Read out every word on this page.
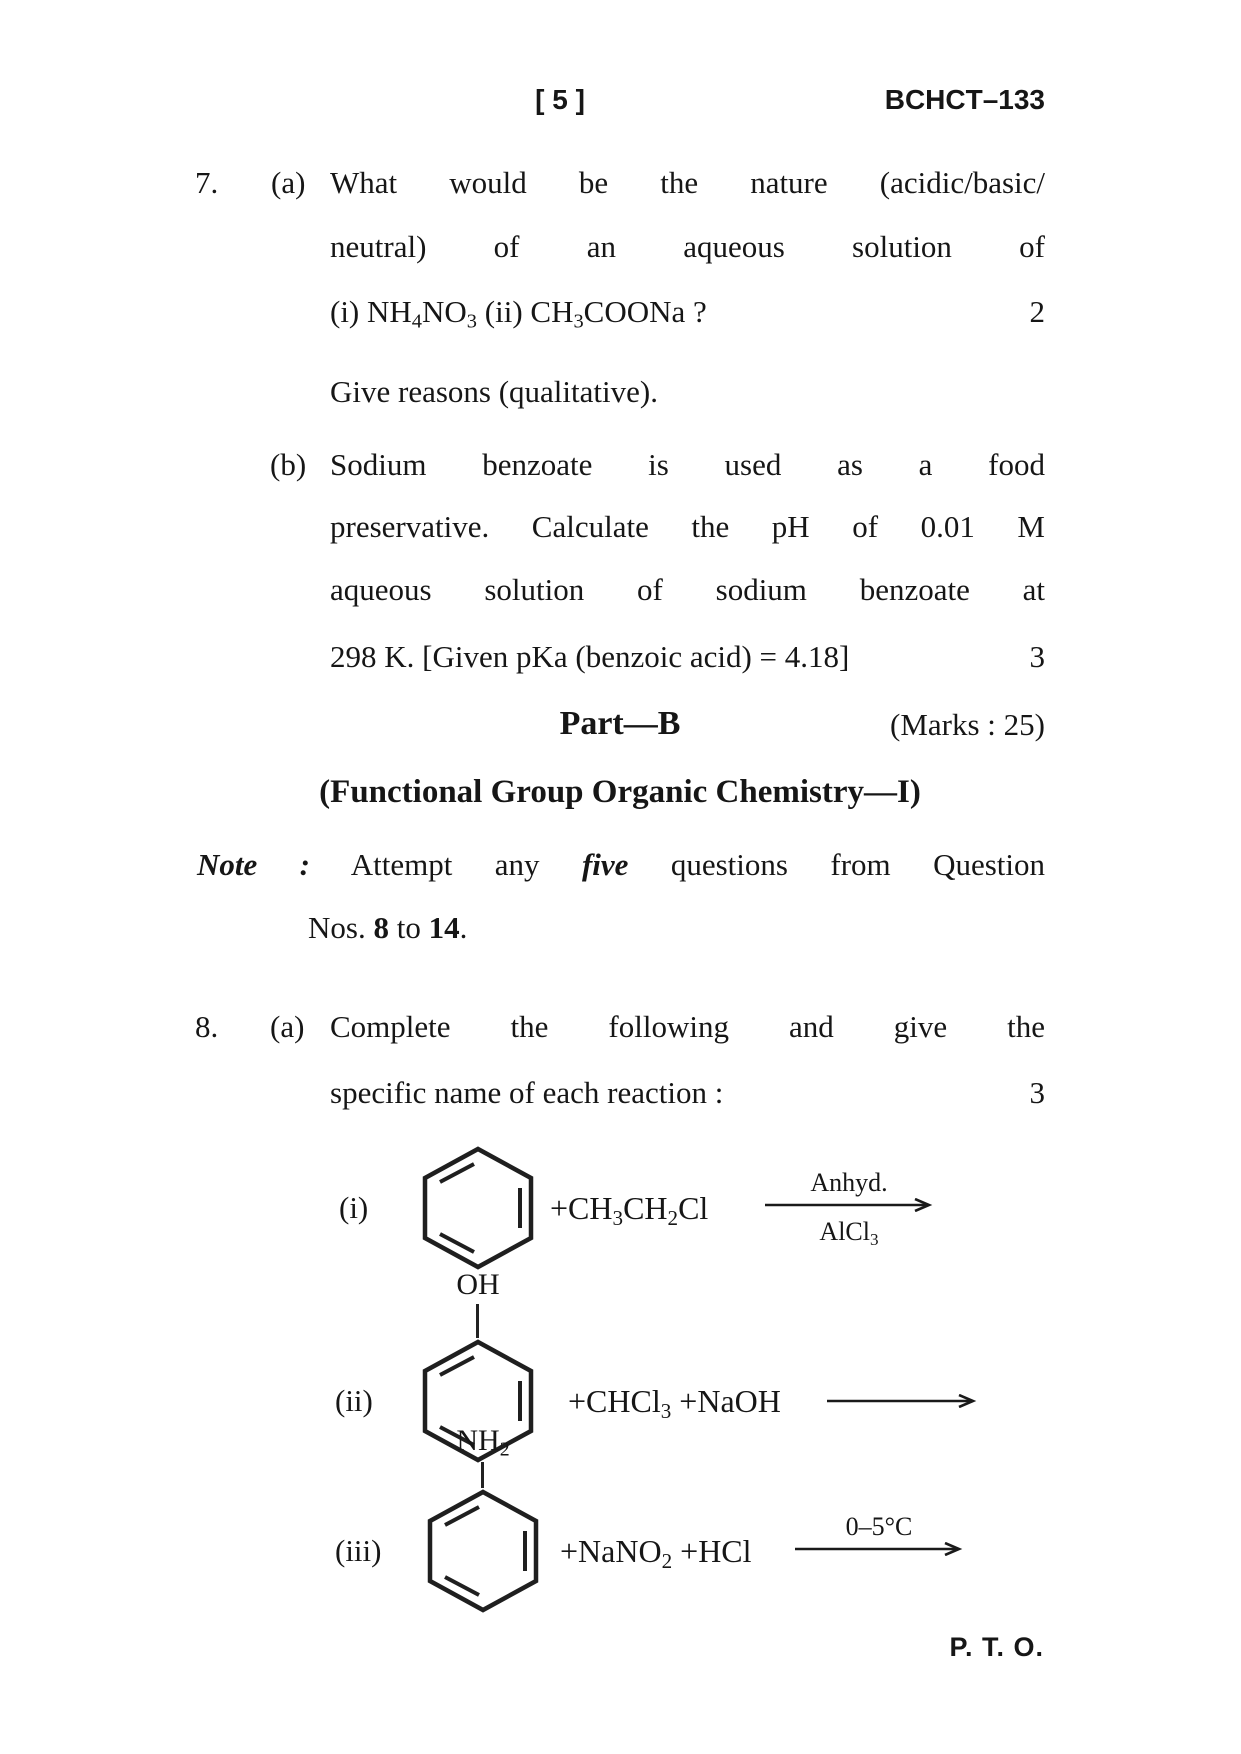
[ 5 ]	BCHCT–133
7. (a) What would be the nature (acidic/basic/
neutral) of an aqueous solution of
(i) $NH_4NO_3$ (ii) $CH_3COONa$ ?	2
Give reasons (qualitative).
(b) Sodium benzoate is used as a food
preservative. Calculate the pH of 0.01 M
aqueous solution of sodium benzoate at
298 K. [Given pKa (benzoic acid) = 4.18]	3
Part—B	(Marks : 25)
(Functional Group Organic Chemistry—I)
Note : Attempt any five questions from Question
Nos. 8 to 14.
8. (a) Complete the following and give the
specific name of each reaction :	3
(i)	$+CH_3CH_2Cl$
Anhyd.
AlCl$_3$
OH
(ii)	+CHCl$_3$ +NaOH
$NH_2$
(iii)	+NaNO$_2$ +HCl
0–5°C
P. T. O.
